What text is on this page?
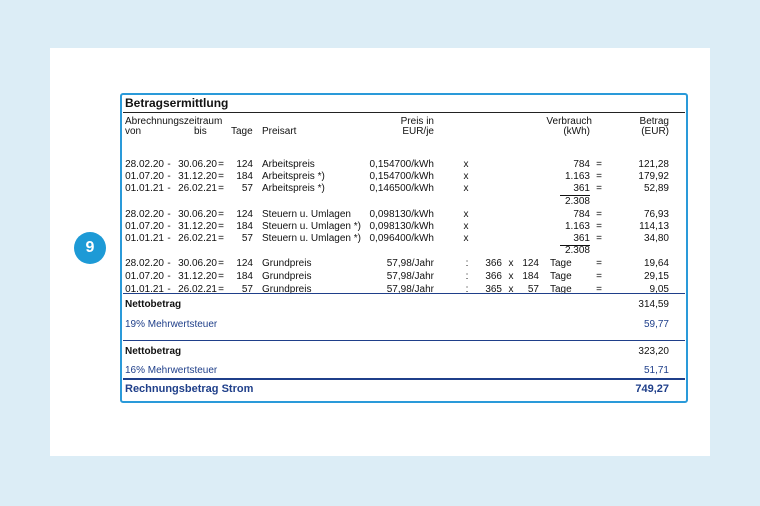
9
Betragsermittlung
Abrechnungszeitraum
von	bis Tage Preisart
Preis in
EUR/je
Verbrauch
(kWh)
Betrag
(EUR)
28.02.20 - 30.06.20 =	124 Arbeitspreis	0,154700/kWh	x	784 =	121,28
01.07.20 - 31.12.20 =	184 Arbeitspreis *)	0,154700/kWh	x	1.163 =	179,92
01.01.21 - 26.02.21 =	57 Arbeitspreis *)	0,146500/kWh	x	361 =	52,89
2.308
28.02.20 - 30.06.20 =	124 Steuern u. Umlagen 0,098130/kWh	x	784 =	76,93
01.07.20 - 31.12.20 =	184 Steuern u. Umlagen *) 0,098130/kWh	x	1.163 =	114,13
01.01.21 - 26.02.21 =	57 Steuern u. Umlagen *) 0,096400/kWh	x	361 =	34,80
2.308
28.02.20 - 30.06.20 =	124 Grundpreis	57,98/Jahr	:	366 x 124 Tage =	19,64
01.07.20 - 31.12.20 =	184 Grundpreis	57,98/Jahr	:	366 x 184 Tage =	29,15
01.01.21 - 26.02.21 =	57 Grundpreis	57,98/Jahr	:	365 x	57 Tage =	9,05
Nettobetrag	314,59
19% Mehrwertsteuer	59,77
Nettobetrag	323,20
16% Mehrwertsteuer	51,71
Rechnungsbetrag Strom	749,27
